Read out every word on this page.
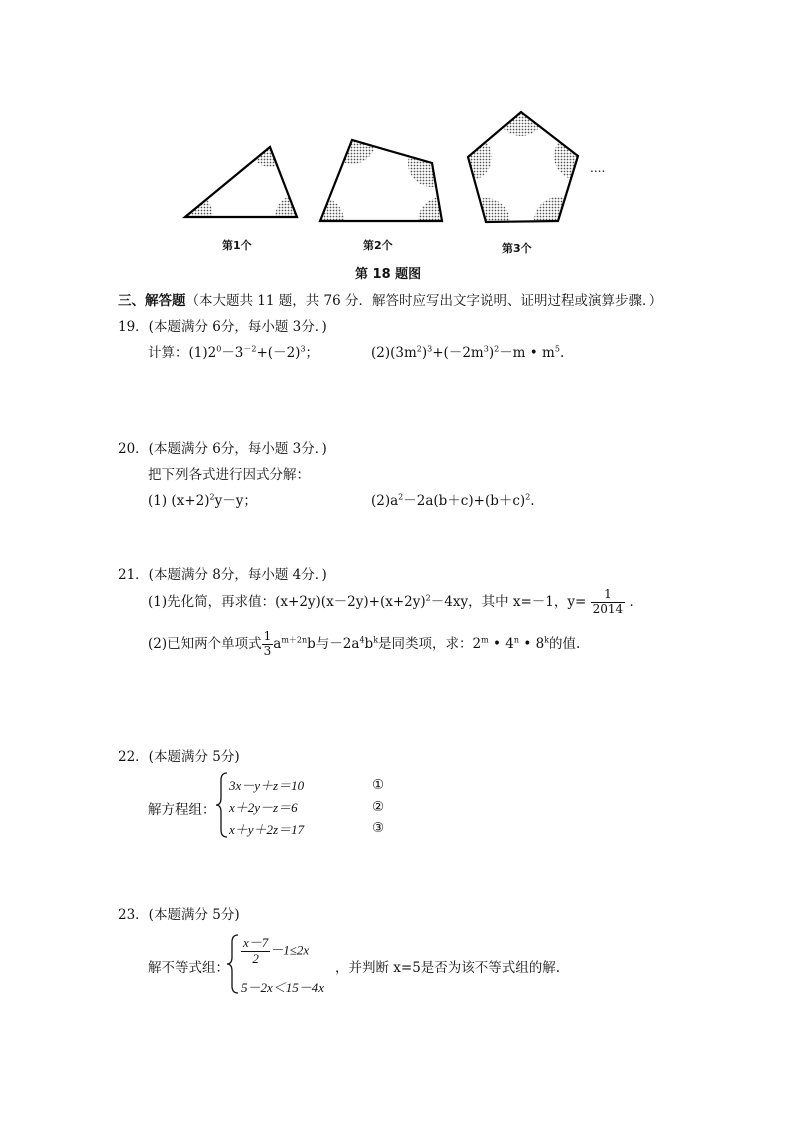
第1个	第2个	第3个
....
第 18 题图
三、解答题（本大题共 11 题，共 76 分．解答时应写出文字说明、证明过程或演算步骤．）
19．(本题满分 6分，每小题 3分．)
计算：$(1)2^0-3^{-2}+(-2)^3$；	$(2)(3m^2)^3+(-2m^3)^2-m$ • $m^5$.
20．(本题满分 6分，每小题 3分．)
把下列各式进行因式分解：
(1) $(x+2)^2y-y$；	$(2)a^2-2a(b+c)+(b+c)^2$.
21．(本题满分 8分，每小题 4分．)
(1)先化简，再求值：$(x+2y)(x-2y)+(x+2y)^2-4xy$，其中 x=－1，$y= \frac{1}{2014}$ ．
(2)已知两个单项式 $\frac{1}{3} a^{m+2n}b$与$-2a^4b^k$是同类项，求：2$^m$ • 4$^n$ • 8$^k$的值.
22．(本题满分 5分)
解方程组：
3x－y＋z＝10
x＋2y－z＝6
x＋y＋2z＝17
①
②
③
23．(本题满分 5分)
解不等式组：
$\frac{x-7}{2} -1\le 2x$
5－2x＜15－4x
，并判断 x=5是否为该不等式组的解.
